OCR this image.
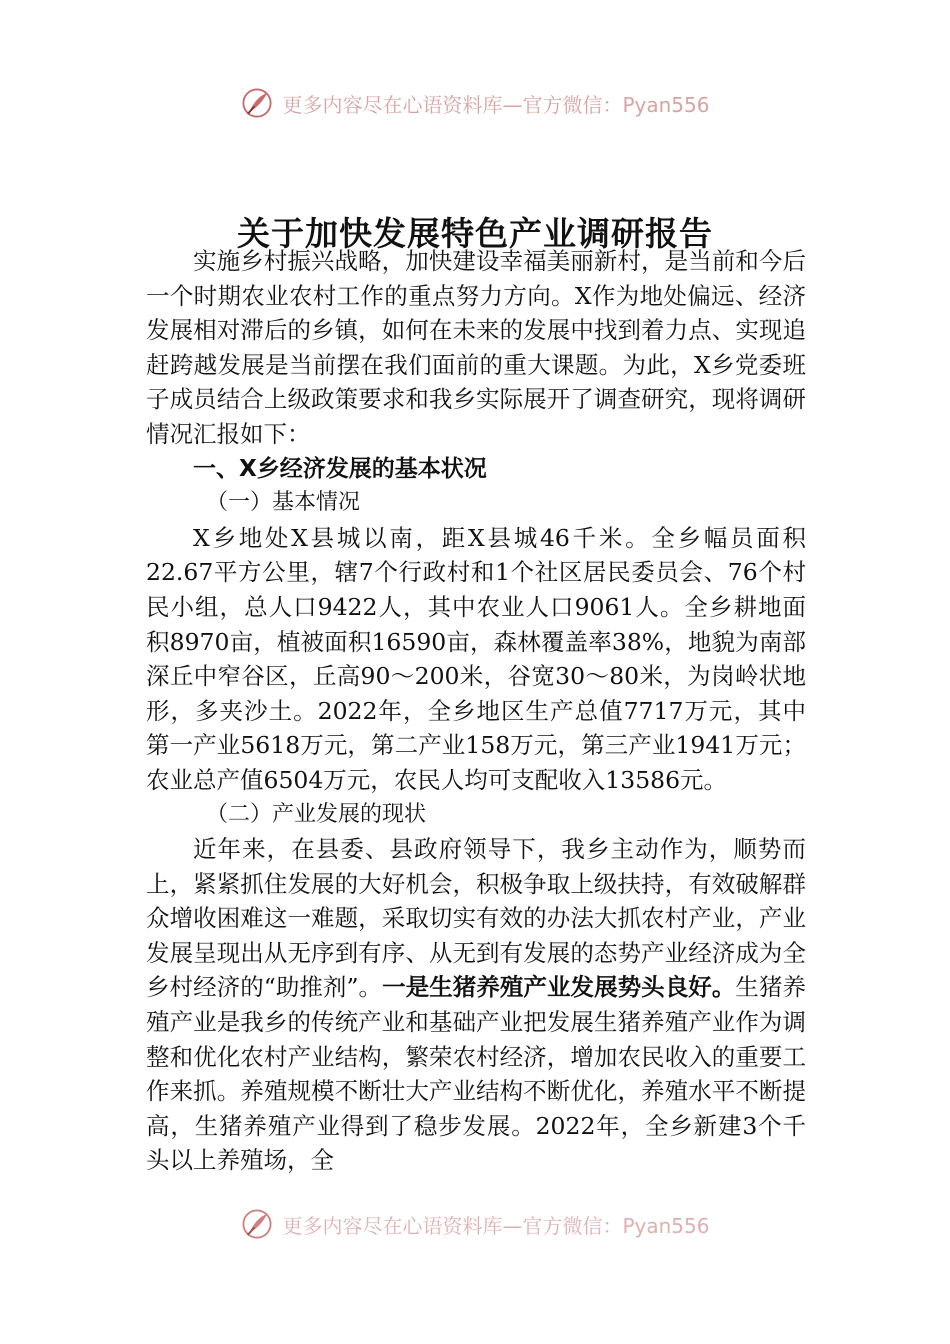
更多内容尽在心语资料库—官方微信：Pyan556
关于加快发展特色产业调研报告

实施乡村振兴战略，加快建设幸福美丽新村，是当前和今后一个时期农业农村工作的重点努力方向。X作为地处偏远、经济发展相对滞后的乡镇，如何在未来的发展中找到着力点、实现追赶跨越发展是当前摆在我们面前的重大课题。为此，X乡党委班子成员结合上级政策要求和我乡实际展开了调查研究，现将调研情况汇报如下：

一、X乡经济发展的基本状况

（一）基本情况

X乡地处X县城以南，距X县城46千米。全乡幅员面积22.67平方公里，辖7个行政村和1个社区居民委员会、76个村民小组，总人口9422人，其中农业人口9061人。全乡耕地面积8970亩，植被面积16590亩，森林覆盖率38%，地貌为南部深丘中窄谷区，丘高90～200米，谷宽30～80米，为岗岭状地形，多夹沙土。2022年，全乡地区生产总值7717万元，其中第一产业5618万元，第二产业158万元，第三产业1941万元；农业总产值6504万元，农民人均可支配收入13586元。

（二）产业发展的现状

近年来，在县委、县政府领导下，我乡主动作为，顺势而上，紧紧抓住发展的大好机会，积极争取上级扶持，有效破解群众增收困难这一难题，采取切实有效的办法大抓农村产业，产业发展呈现出从无序到有序、从无到有发展的态势产业经济成为全乡村经济的“助推剂”。一是生猪养殖产业发展势头良好。生猪养殖产业是我乡的传统产业和基础产业把发展生猪养殖产业作为调整和优化农村产业结构，繁荣农村经济，增加农民收入的重要工作来抓。养殖规模不断壮大产业结构不断优化，养殖水平不断提高，生猪养殖产业得到了稳步发展。2022年，全乡新建3个千头以上养殖场，全

更多内容尽在心语资料库—官方微信：Pyan556
